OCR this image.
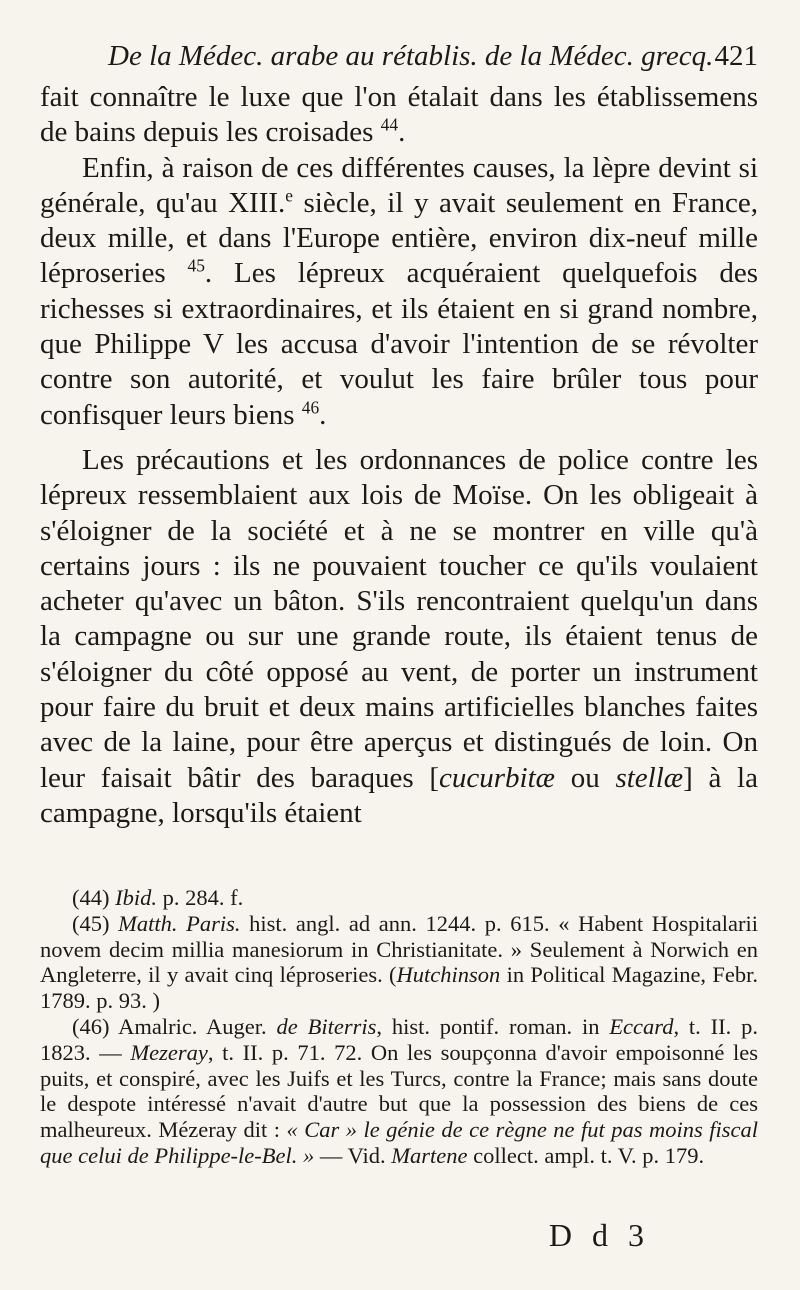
De la Médec. arabe au rétablis. de la Médec. grecq. 421

fait connaître le luxe que l'on étalait dans les établissemens de bains depuis les croisades $^{44}$.

Enfin, à raison de ces différentes causes, la lèpre devint si générale, qu'au XIII.$^e$ siècle, il y avait seulement en France, deux mille, et dans l'Europe entière, environ dix-neuf mille léproseries $^{45}$. Les lépreux acquéraient quelquefois des richesses si extraordinaires, et ils étaient en si grand nombre, que Philippe V les accusa d'avoir l'intention de se révolter contre son autorité, et voulut les faire brûler tous pour confisquer leurs biens $^{46}$.

Les précautions et les ordonnances de police contre les lépreux ressemblaient aux lois de Moïse. On les obligeait à s'éloigner de la société et à ne se montrer en ville qu'à certains jours : ils ne pouvaient toucher ce qu'ils voulaient acheter qu'avec un bâton. S'ils rencontraient quelqu'un dans la campagne ou sur une grande route, ils étaient tenus de s'éloigner du côté opposé au vent, de porter un instrument pour faire du bruit et deux mains artificielles blanches faites avec de la laine, pour être aperçus et distingués de loin. On leur faisait bâtir des baraques [cucurbitæ ou stellæ] à la campagne, lorsqu'ils étaient

(44) Ibid. p. 284. f.

(45) Matth. Paris. hist. angl. ad ann. 1244. p. 615. « Habent Hospitalarii novem decim millia manesiorum in Christianitate. » Seulement à Norwich en Angleterre, il y avait cinq léproseries. (Hutchinson in Political Magazine, Febr. 1789. p. 93. )

(46) Amalric. Auger. de Biterris, hist. pontif. roman. in Eccard, t. II. p. 1823. — Mezeray, t. II. p. 71. 72. On les soupçonna d'avoir empoisonné les puits, et conspiré, avec les Juifs et les Turcs, contre la France; mais sans doute le despote intéressé n'avait d'autre but que la possession des biens de ces malheureux. Mézeray dit : « Car » le génie de ce règne ne fut pas moins fiscal que celui de Philippe-le-Bel. » — Vid. Martene collect. ampl. t. V. p. 179.

D d 3
